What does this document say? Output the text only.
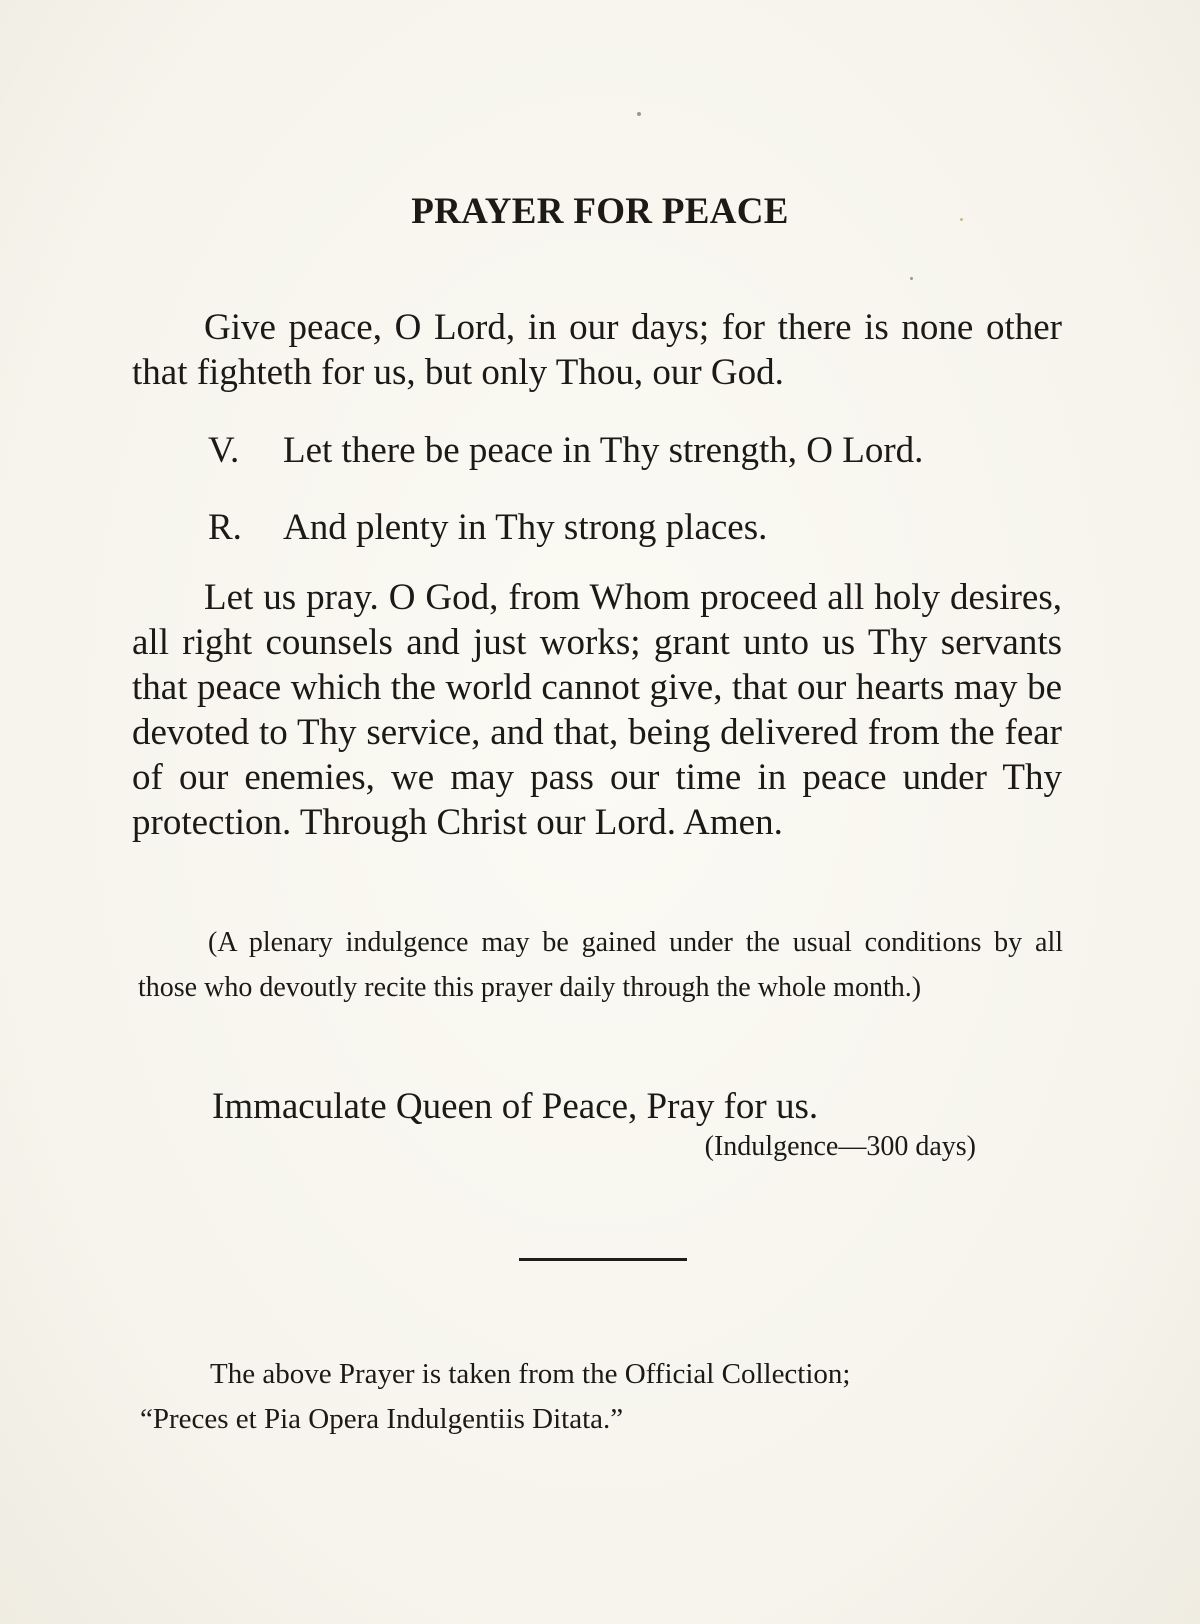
PRAYER FOR PEACE
Give peace, O Lord, in our days; for there is none other that fighteth for us, but only Thou, our God.
V. Let there be peace in Thy strength, O Lord.
R. And plenty in Thy strong places.
Let us pray. O God, from Whom proceed all holy desires, all right counsels and just works; grant unto us Thy servants that peace which the world cannot give, that our hearts may be devoted to Thy service, and that, being delivered from the fear of our enemies, we may pass our time in peace under Thy protection. Through Christ our Lord. Amen.
(A plenary indulgence may be gained under the usual conditions by all those who devoutly recite this prayer daily through the whole month.)
Immaculate Queen of Peace, Pray for us.
(Indulgence—300 days)
The above Prayer is taken from the Official Collection;
“Preces et Pia Opera Indulgentiis Ditata.”
